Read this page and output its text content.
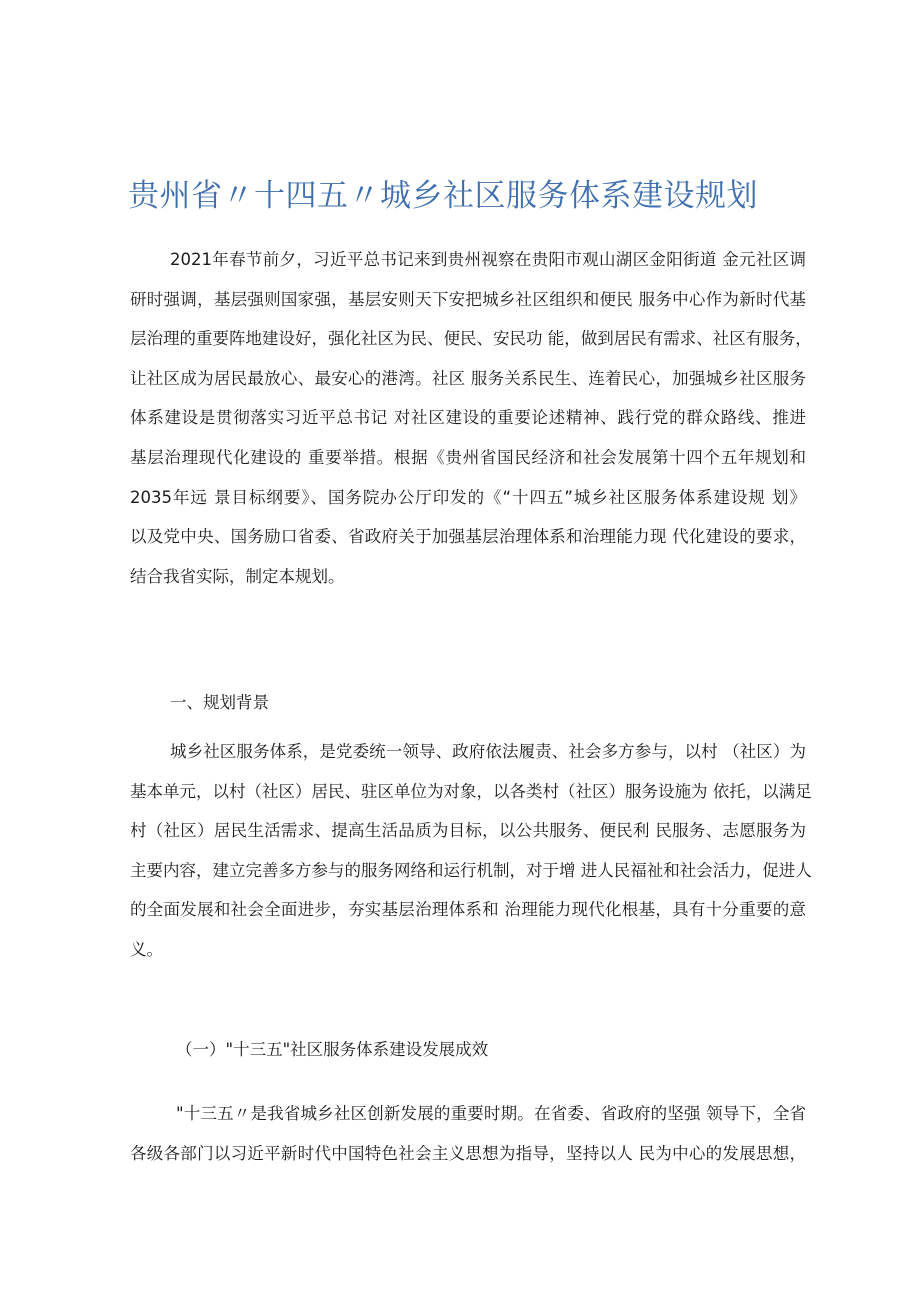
贵州省〃十四五〃城乡社区服务体系建设规划
2021年春节前夕，习近平总书记来到贵州视察在贵阳市观山湖区金阳街道 金元社区调
研时强调，基层强则国家强，基层安则天下安把城乡社区组织和便民 服务中心作为新时代基
层治理的重要阵地建设好，强化社区为民、便民、安民功 能，做到居民有需求、社区有服务，
让社区成为居民最放心、最安心的港湾。社区 服务关系民生、连着民心，加强城乡社区服务
体系建设是贯彻落实习近平总书记 对社区建设的重要论述精神、践行党的群众路线、推进
基层治理现代化建设的 重要举措。根据《贵州省国民经济和社会发展第十四个五年规划和
2035年远 景目标纲要》、国务院办公厅印发的《“十四五”城乡社区服务体系建设规 划》
以及党中央、国务励口省委、省政府关于加强基层治理体系和治理能力现 代化建设的要求，
结合我省实际，制定本规划。
一、规划背景
城乡社区服务体系，是党委统一领导、政府依法履责、社会多方参与，以村 （社区）为
基本单元，以村（社区）居民、驻区单位为对象，以各类村（社区）服务设施为 依托，以满足
村（社区）居民生活需求、提高生活品质为目标，以公共服务、便民利 民服务、志愿服务为
主要内容，建立完善多方参与的服务网络和运行机制，对于增 进人民福祉和社会活力，促进人
的全面发展和社会全面进步，夯实基层治理体系和 治理能力现代化根基，具有十分重要的意
义。
（一）"十三五"社区服务体系建设发展成效
"十三五〃是我省城乡社区创新发展的重要时期。在省委、省政府的坚强 领导下，全省
各级各部门以习近平新时代中国特色社会主义思想为指导，坚持以人 民为中心的发展思想，
